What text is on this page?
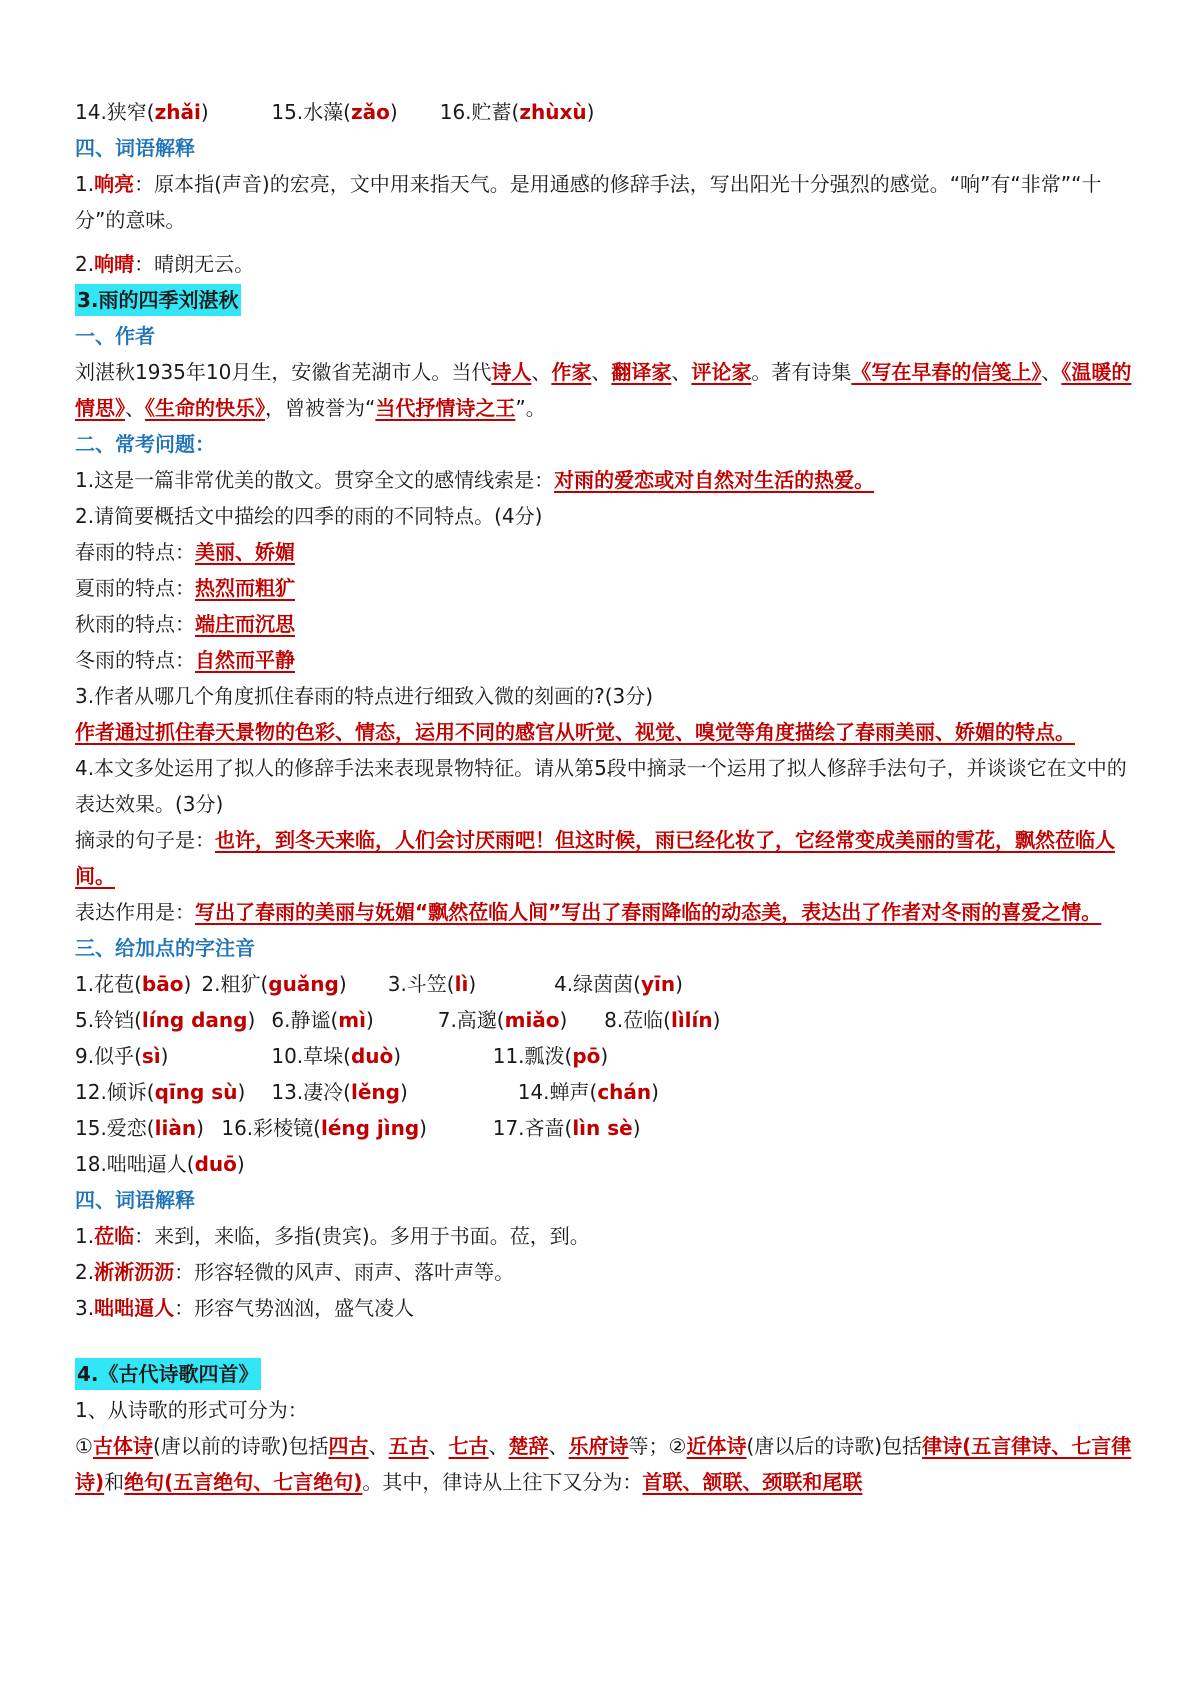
14.狭窄(zhǎi)	15.水藻(zǎo) 16.贮蓄(zhùxù)
四、词语解释
1.响亮：原本指(声音)的宏亮，文中用来指天气。是用通感的修辞手法，写出阳光十分强烈的感觉。“响”有“非常”“十分”的意味。
2.响晴：晴朗无云。
3.雨的四季刘湛秋
一、作者
刘湛秋1935年10月生，安徽省芜湖市人。当代诗人、作家、翻译家、评论家。著有诗集《写在早春的信笺上》、《温暖的情思》、《生命的快乐》，曾被誉为“当代抒情诗之王”。
二、常考问题：
1.这是一篇非常优美的散文。贯穿全文的感情线索是：对雨的爱恋或对自然对生活的热爱。
2.请简要概括文中描绘的四季的雨的不同特点。(4分)
春雨的特点：美丽、娇媚
夏雨的特点：热烈而粗犷
秋雨的特点：端庄而沉思
冬雨的特点：自然而平静
3.作者从哪几个角度抓住春雨的特点进行细致入微的刻画的?(3分)
作者通过抓住春天景物的色彩、情态，运用不同的感官从听觉、视觉、嗅觉等角度描绘了春雨美丽、娇媚的特点。
4.本文多处运用了拟人的修辞手法来表现景物特征。请从第5段中摘录一个运用了拟人修辞手法句子，并谈谈它在文中的表达效果。(3分)
摘录的句子是：也许，到冬天来临，人们会讨厌雨吧！但这时候，雨已经化妆了，它经常变成美丽的雪花，飘然莅临人间。
表达作用是：写出了春雨的美丽与妩媚“飘然莅临人间”写出了春雨降临的动态美，表达出了作者对冬雨的喜爱之情。
三、给加点的字注音
1.花苞(bāo) 2.粗犷(guǎng) 3.斗笠(lì)	4.绿茵茵(yīn)
5.铃铛(líng dang) 6.静谧(mì)	7.高邈(miǎo) 8.莅临(lìlín)
9.似乎(sì)	10.草垛(duò)	11.瓢泼(pō)
12.倾诉(qīng sù) 13.凄冷(lěng)	14.蝉声(chán)
15.爱恋(liàn) 16.彩棱镜(léng jìng)	17.吝啬(lìn sè)
18.咄咄逼人(duō)
四、词语解释
1.莅临：来到，来临，多指(贵宾)。多用于书面。莅，到。
2.淅淅沥沥：形容轻微的风声、雨声、落叶声等。
3.咄咄逼人：形容气势汹汹，盛气凌人
4.《古代诗歌四首》
1、从诗歌的形式可分为：
①古体诗(唐以前的诗歌)包括四古、五古、七古、楚辞、乐府诗等；②近体诗(唐以后的诗歌)包括律诗(五言律诗、七言律诗)和绝句(五言绝句、七言绝句)。其中，律诗从上往下又分为：首联、颔联、颈联和尾联
